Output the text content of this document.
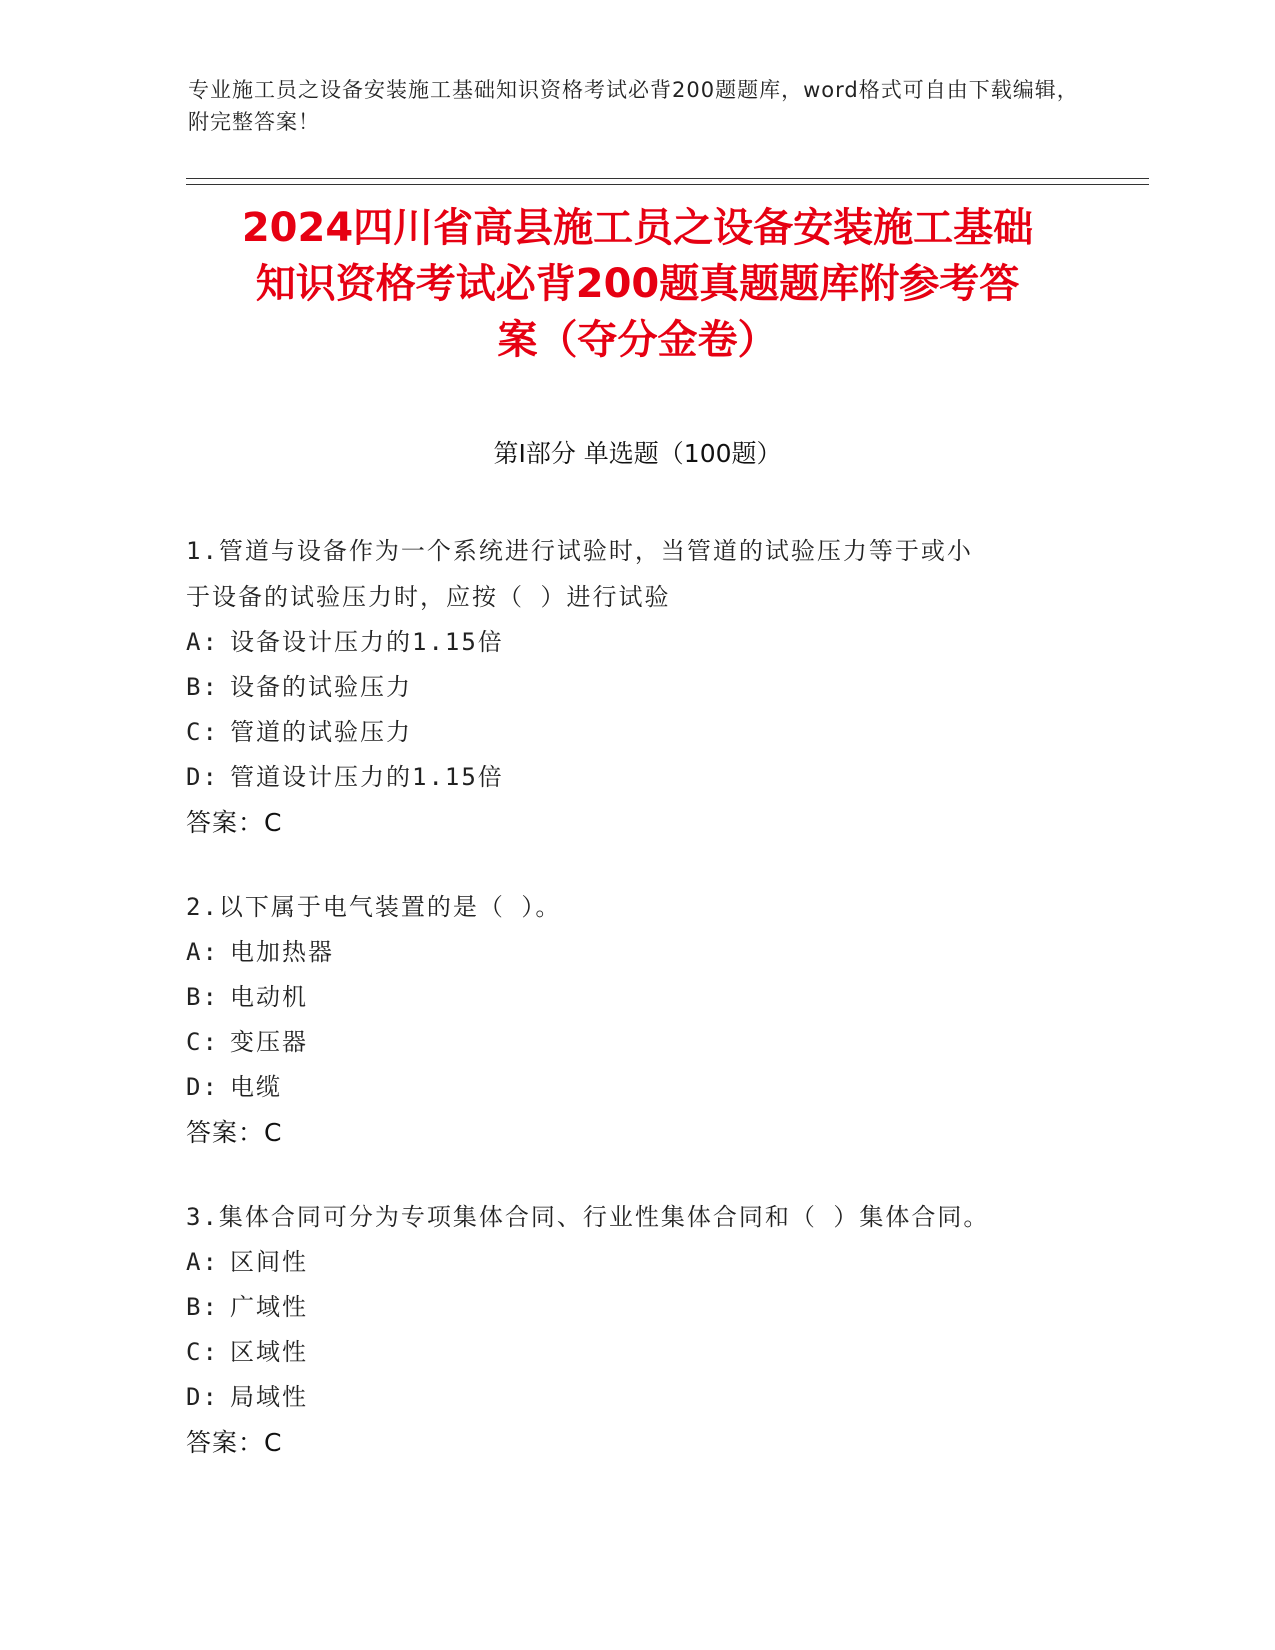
专业施工员之设备安装施工基础知识资格考试必背200题题库，word格式可自由下载编辑，附完整答案！
2024四川省高县施工员之设备安装施工基础
知识资格考试必背200题真题题库附参考答
案（夺分金卷）
第Ⅰ部分 单选题（100题）
1.管道与设备作为一个系统进行试验时，当管道的试验压力等于或小
于设备的试验压力时，应按（ ）进行试验
A: 设备设计压力的1.15倍
B: 设备的试验压力
C: 管道的试验压力
D: 管道设计压力的1.15倍
答案：C
2.以下属于电气装置的是（ ）。
A: 电加热器
B: 电动机
C: 变压器
D: 电缆
答案：C
3.集体合同可分为专项集体合同、行业性集体合同和（ ）集体合同。
A: 区间性
B: 广域性
C: 区域性
D: 局域性
答案：C
